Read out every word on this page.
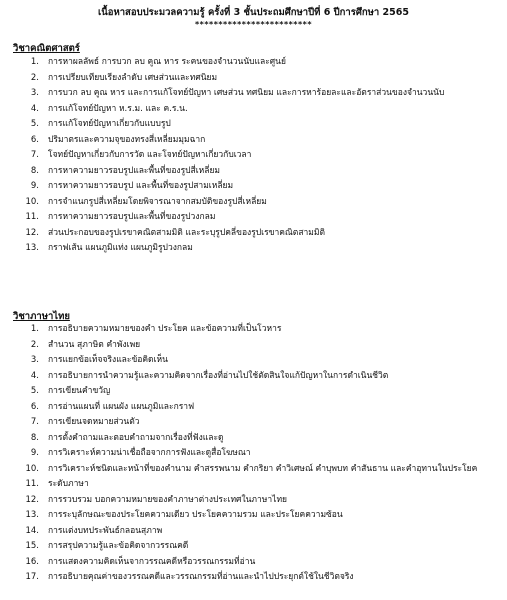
เนื้อหาสอบประมวลความรู้ ครั้งที่ 3 ชั้นประถมศึกษาปีที่ 6 ปีการศึกษา 2565
*************************
วิชาคณิตศาสตร์
1. การหาผลลัพธ์ การบวก ลบ คูณ หาร ระคนของจำนวนนับและศูนย์
2. การเปรียบเทียบเรียงลำดับ เศษส่วนและทศนิยม
3. การบวก ลบ คูณ หาร และการแก้โจทย์ปัญหา เศษส่วน ทศนิยม และการหาร้อยละและอัตราส่วนของจำนวนนับ
4. การแก้โจทย์ปัญหา ห.ร.ม. และ ค.ร.น.
5. การแก้โจทย์ปัญหาเกี่ยวกับแบบรูป
6. ปริมาตรและความจุของทรงสี่เหลี่ยมมุมฉาก
7. โจทย์ปัญหาเกี่ยวกับการวัด และโจทย์ปัญหาเกี่ยวกับเวลา
8. การหาความยาวรอบรูปและพื้นที่ของรูปสี่เหลี่ยม
9. การหาความยาวรอบรูป และพื้นที่ของรูปสามเหลี่ยม
10. การจำแนกรูปสี่เหลี่ยมโดยพิจารณาจากสมบัติของรูปสี่เหลี่ยม
11. การหาความยาวรอบรูปและพื้นที่ของรูปวงกลม
12. ส่วนประกอบของรูปเรขาคณิตสามมิติ และระบุรูปคลี่ของรูปเรขาคณิตสามมิติ
13. กราฟเส้น แผนภูมิแท่ง แผนภูมิรูปวงกลม
วิชาภาษาไทย
1. การอธิบายความหมายของคำ ประโยค และข้อความที่เป็นโวหาร
2. สำนวน สุภาษิต คำพังเพย
3. การแยกข้อเท็จจริงและข้อคิดเห็น
4. การอธิบายการนำความรู้และความคิดจากเรื่องที่อ่านไปใช้ตัดสินใจแก้ปัญหาในการดำเนินชีวิต
5. การเขียนคำขวัญ
6. การอ่านแผนที่ แผนผัง แผนภูมิและกราฟ
7. การเขียนจดหมายส่วนตัว
8. การตั้งคำถามและตอบคำถามจากเรื่องที่ฟังและดู
9. การวิเคราะห์ความน่าเชื่อถือจากการฟังและดูสื่อโฆษณา
10. การวิเคราะห์ชนิดและหน้าที่ของคำนาม คำสรรพนาม คำกริยา คำวิเศษณ์ คำบุพบท คำสันธาน และคำอุทานในประโยค
11. ระดับภาษา
12. การรวบรวม บอกความหมายของคำภาษาต่างประเทศในภาษาไทย
13. การระบุลักษณะของประโยคความเดียว ประโยคความรวม และประโยคความซ้อน
14. การแต่งบทประพันธ์กลอนสุภาพ
15. การสรุปความรู้และข้อคิดจากวรรณคดี
16. การแสดงความคิดเห็นจากวรรณคดีหรือวรรณกรรมที่อ่าน
17. การอธิบายคุณค่าของวรรณคดีและวรรณกรรมที่อ่านและนำไปประยุกต์ใช้ในชีวิตจริง
